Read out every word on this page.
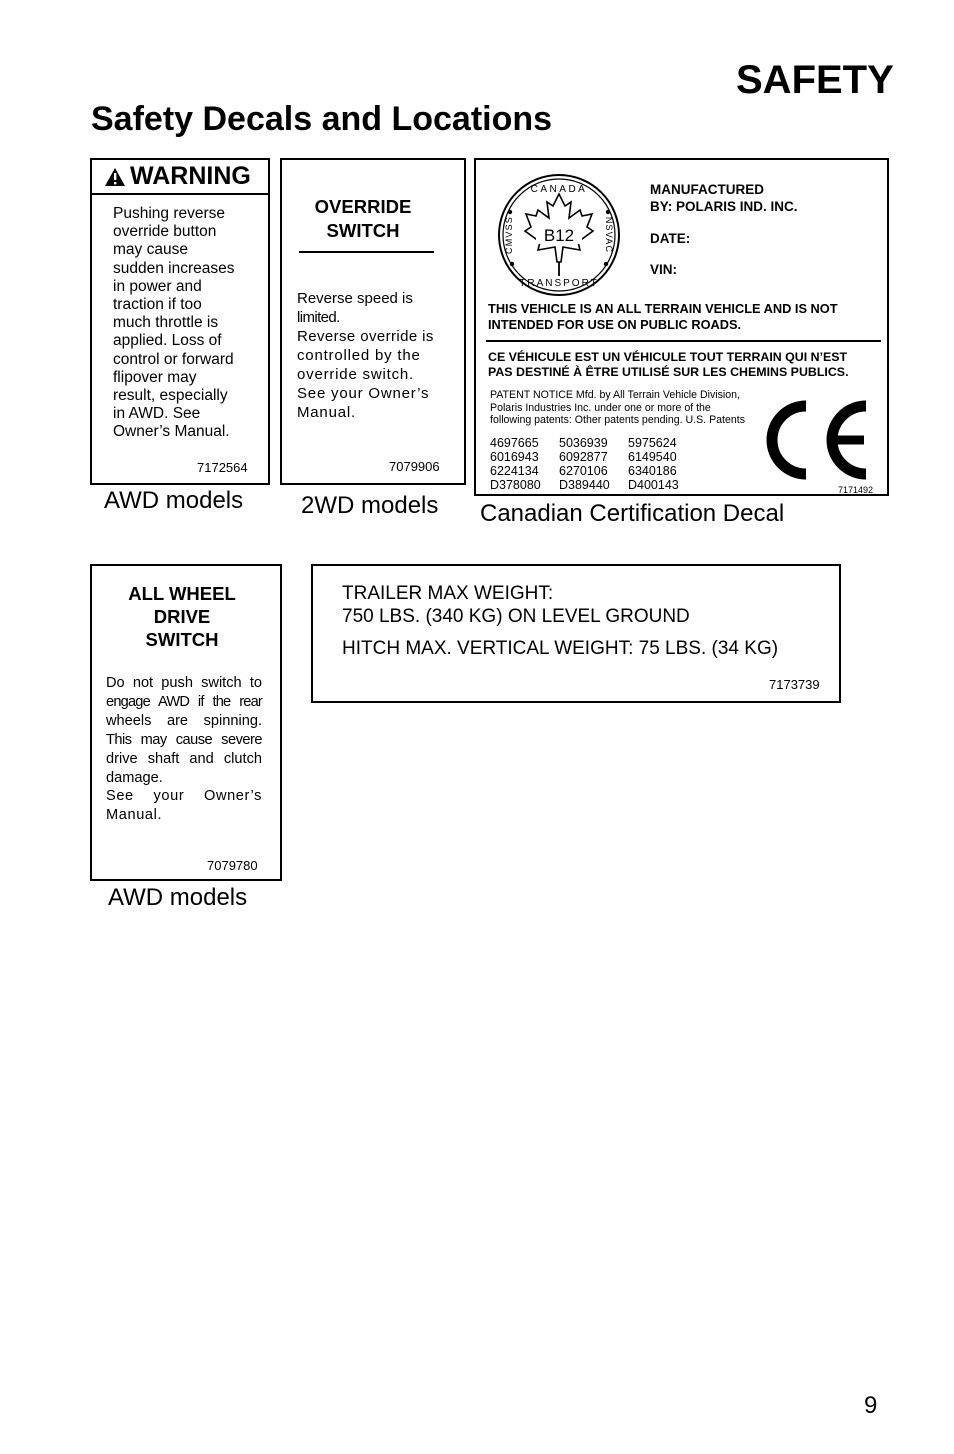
SAFETY
Safety Decals and Locations
WARNING
Pushing reverse
override button
may cause
sudden increases
in power and
traction if too
much throttle is
applied. Loss of
control or forward
flipover may
result, especially
in AWD. See
Owner’s Manual.
7172564
AWD models
OVERRIDE
SWITCH
Reverse speed is
limited.
Reverse override is
controlled by the
override switch.
See your Owner’s
Manual.
7079906
2WD models
B12
CANADA
TRANSPORT
CMVSS	NSVAC
MANUFACTURED
BY: POLARIS IND. INC.
DATE:
VIN:
THIS VEHICLE IS AN ALL TERRAIN VEHICLE AND IS NOT
INTENDED FOR USE ON PUBLIC ROADS.
CE VÉHICULE EST UN VÉHICULE TOUT TERRAIN QUI N’EST
PAS DESTINÉ À ÊTRE UTILISÉ SUR LES CHEMINS PUBLICS.
PATENT NOTICE Mfd. by All Terrain Vehicle Division,
Polaris Industries Inc. under one or more of the
following patents: Other patents pending. U.S. Patents
4697665 5036939 5975624
6016943 6092877 6149540
6224134 6270106 6340186
D378080 D389440 D400143	7171492
Canadian Certification Decal
ALL WHEEL
DRIVE
SWITCH
Do not push switch to
engage AWD if the rear
wheels are spinning.
This may cause severe
drive shaft and clutch
damage.
See your Owner’s
Manual.
7079780
AWD models
TRAILER MAX WEIGHT:
750 LBS. (340 KG) ON LEVEL GROUND
HITCH MAX. VERTICAL WEIGHT: 75 LBS. (34 KG)
7173739
9
